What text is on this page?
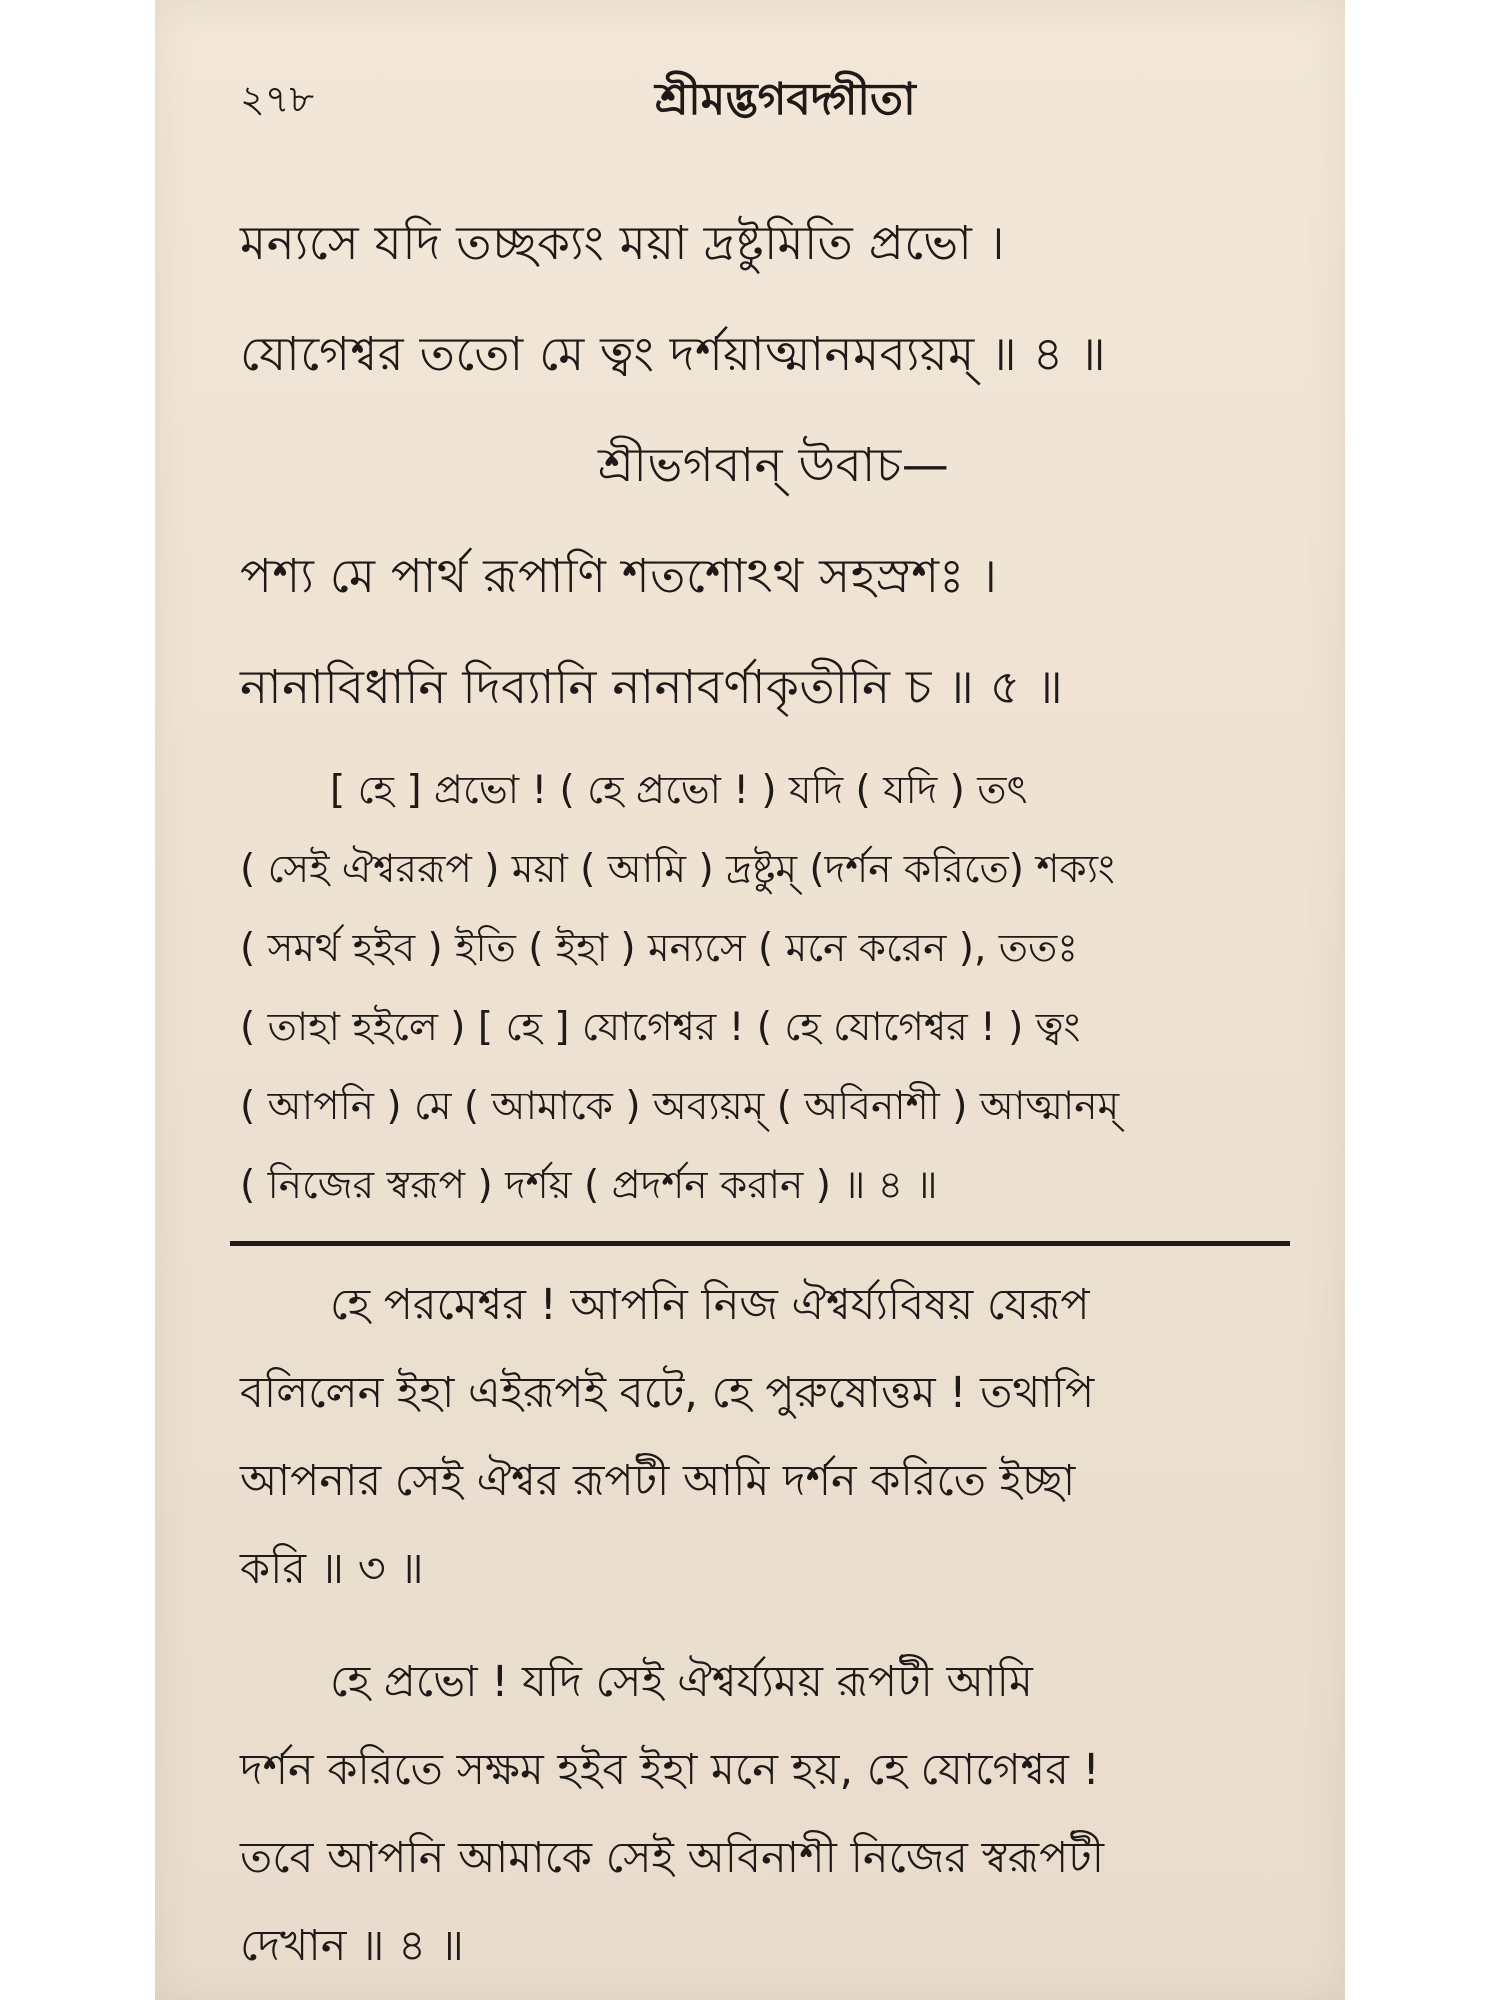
২৭৮	শ্রীমদ্ভগবদ্গীতা

মন্যসে যদি তচ্ছক্যং ময়া দ্রষ্টুমিতি প্রভো ।

যোগেশ্বর ততো মে ত্বং দর্শয়াত্মানমব্যয়ম্ ॥ ৪ ॥

শ্রীভগবান্ উবাচ—

পশ্য মে পার্থ রূপাণি শতশোঽথ সহস্রশঃ ।

নানাবিধানি দিব্যানি নানাবর্ণাকৃতীনি চ ॥ ৫ ॥

[ হে ] প্রভো ! ( হে প্রভো ! ) যদি ( যদি ) তৎ

( সেই ঐশ্বররূপ ) ময়া ( আমি ) দ্রষ্টুম্ (দর্শন করিতে) শক্যং

( সমর্থ হইব ) ইতি ( ইহা ) মন্যসে ( মনে করেন ), ততঃ

( তাহা হইলে ) [ হে ] যোগেশ্বর ! ( হে যোগেশ্বর ! ) ত্বং

( আপনি ) মে ( আমাকে ) অব্যয়ম্ ( অবিনাশী ) আত্মানম্

( নিজের স্বরূপ ) দর্শয় ( প্রদর্শন করান ) ॥ ৪ ॥

হে পরমেশ্বর ! আপনি নিজ ঐশ্বর্য্যবিষয় যেরূপ

বলিলেন ইহা এইরূপই বটে, হে পুরুষোত্তম ! তথাপি

আপনার সেই ঐশ্বর রূপটী আমি দর্শন করিতে ইচ্ছা

করি ॥ ৩ ॥

হে প্রভো ! যদি সেই ঐশ্বর্য্যময় রূপটী আমি

দর্শন করিতে সক্ষম হইব ইহা মনে হয়, হে যোগেশ্বর !

তবে আপনি আমাকে সেই অবিনাশী নিজের স্বরূপটী

দেখান ॥ ৪ ॥
